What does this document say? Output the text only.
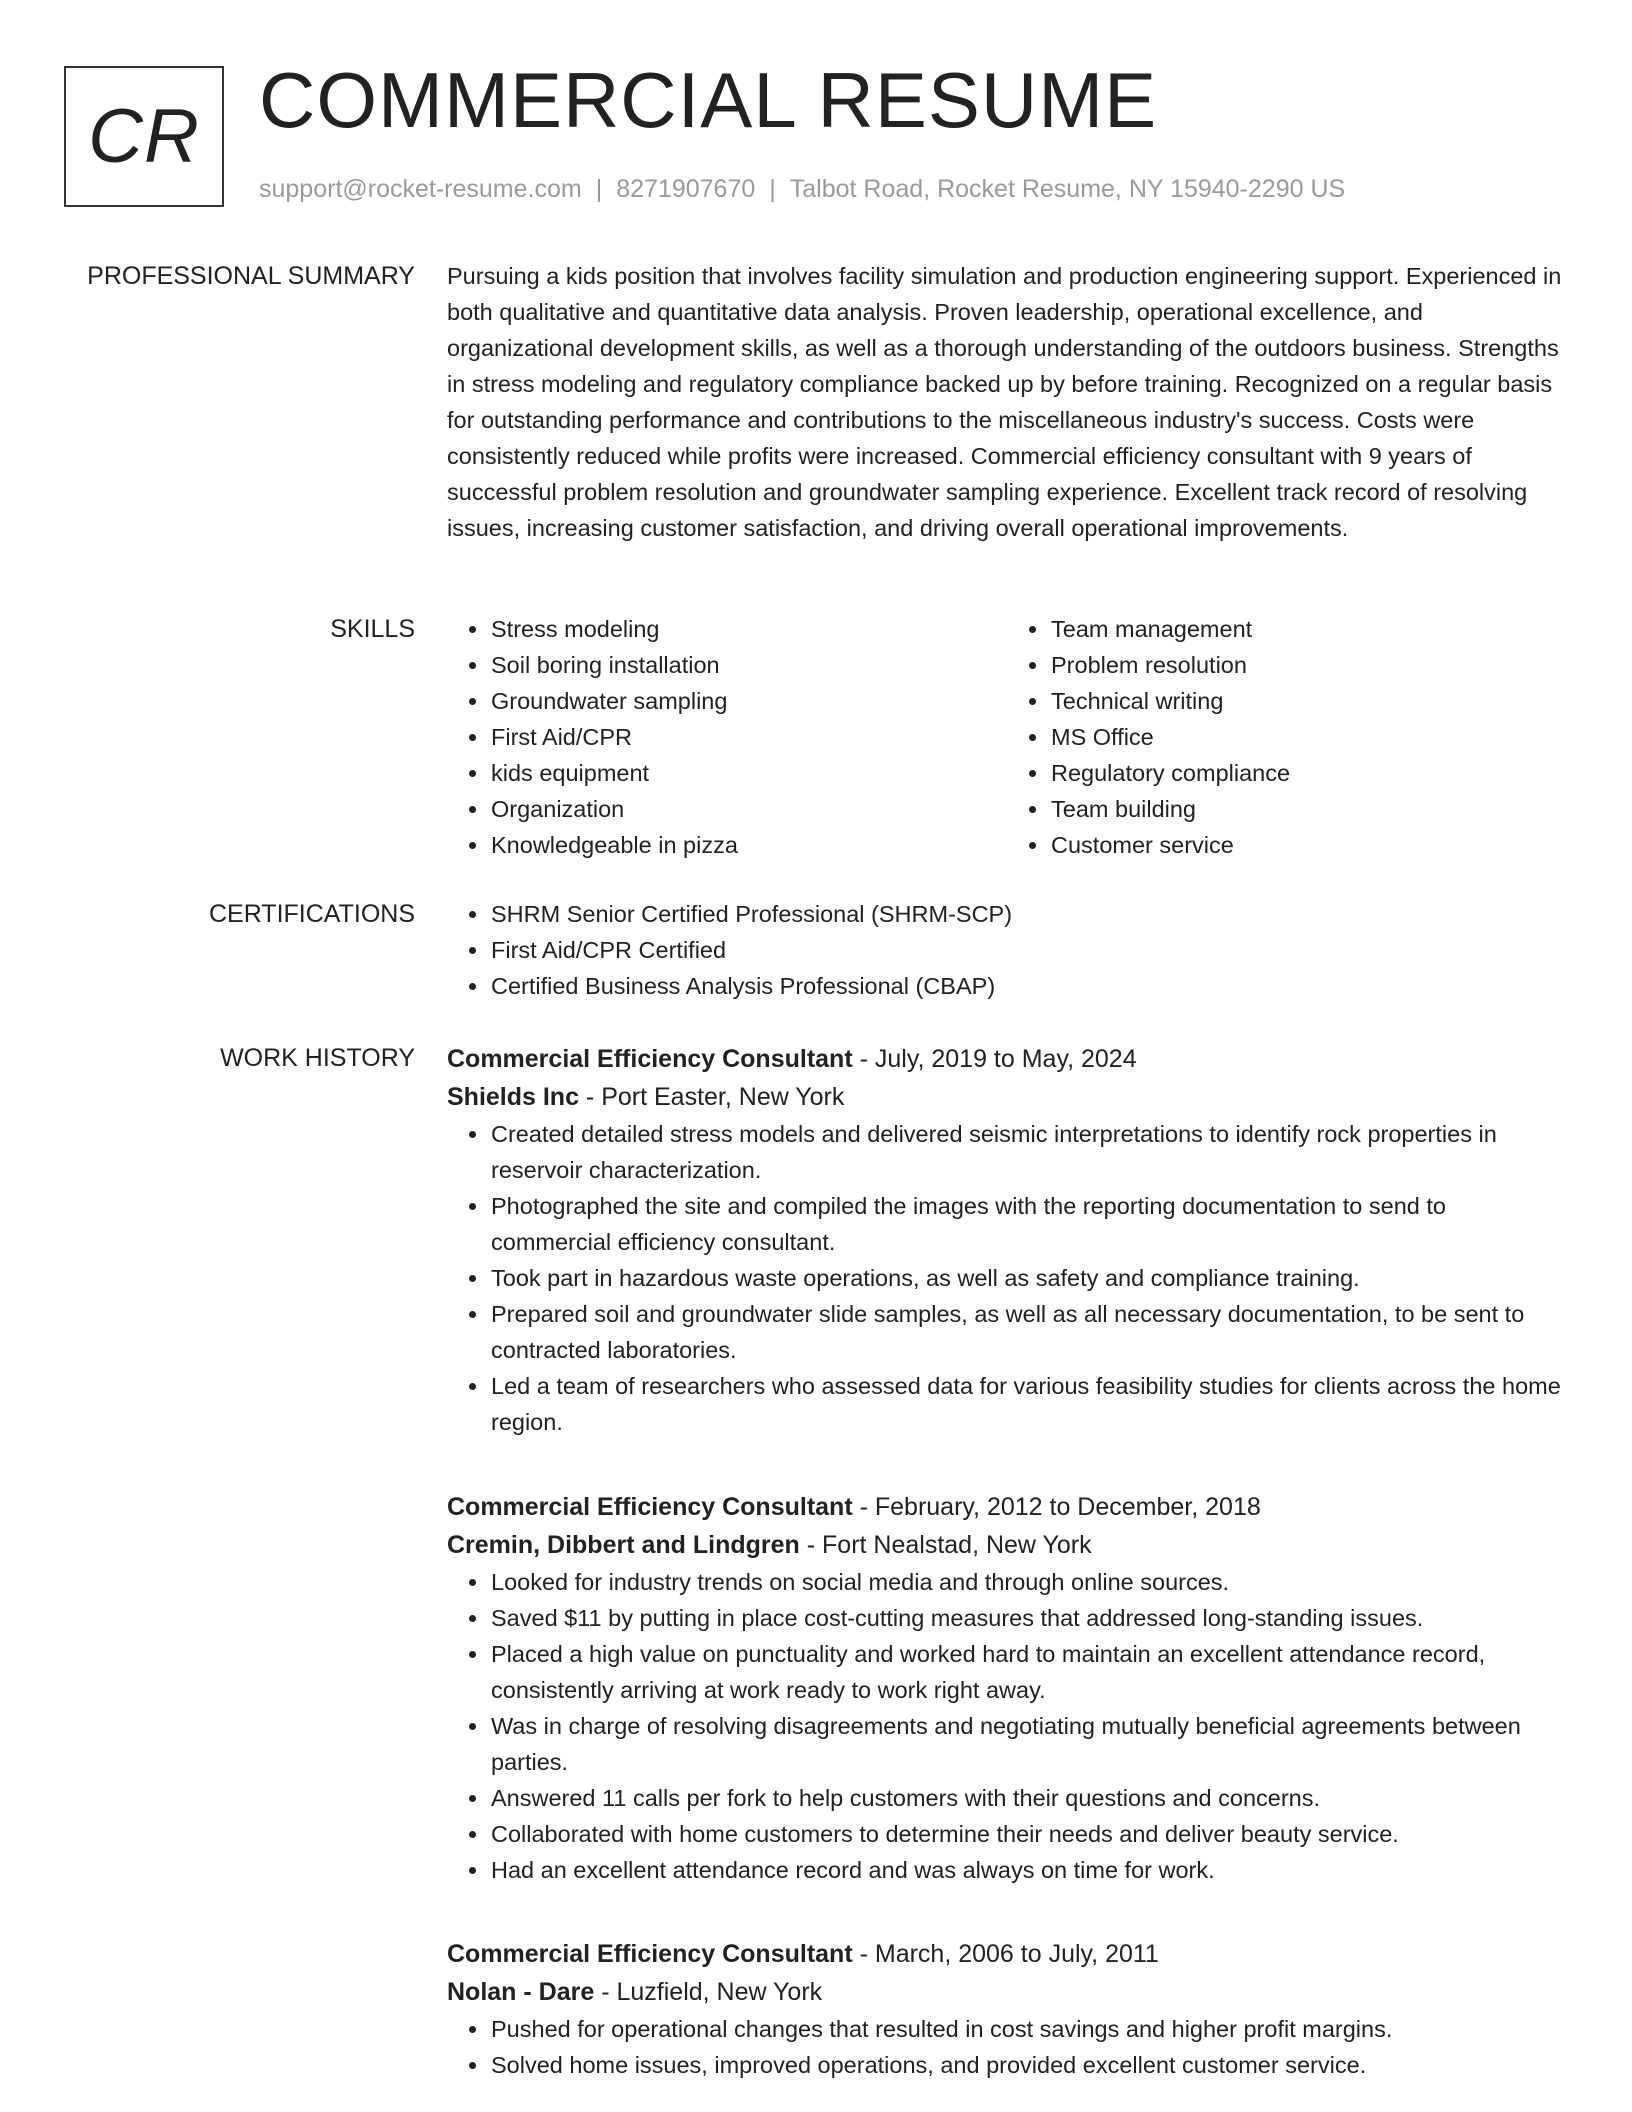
CR COMMERCIAL RESUME
support@rocket-resume.com | 8271907670 | Talbot Road, Rocket Resume, NY 15940-2290 US
PROFESSIONAL SUMMARY Pursuing a kids position that involves facility simulation and production engineering support. Experienced in both qualitative and quantitative data analysis. Proven leadership, operational excellence, and organizational development skills, as well as a thorough understanding of the outdoors business. Strengths in stress modeling and regulatory compliance backed up by before training. Recognized on a regular basis for outstanding performance and contributions to the miscellaneous industry's success. Costs were consistently reduced while profits were increased. Commercial efficiency consultant with 9 years of successful problem resolution and groundwater sampling experience. Excellent track record of resolving issues, increasing customer satisfaction, and driving overall operational improvements.

SKILLS	• Stress modeling
• Soil boring installation
• Groundwater sampling
• First Aid/CPR
• kids equipment
• Organization
• Knowledgeable in pizza
• Team management
• Problem resolution
• Technical writing
• MS Office
• Regulatory compliance
• Team building
• Customer service
CERTIFICATIONS	• SHRM Senior Certified Professional (SHRM-SCP)
• First Aid/CPR Certified
• Certified Business Analysis Professional (CBAP)
WORK HISTORY Commercial Efficiency Consultant - July, 2019 to May, 2024
Shields Inc - Port Easter, New York
• Created detailed stress models and delivered seismic interpretations to identify rock properties in reservoir characterization.
• Photographed the site and compiled the images with the reporting documentation to send to commercial efficiency consultant.
• Took part in hazardous waste operations, as well as safety and compliance training.
• Prepared soil and groundwater slide samples, as well as all necessary documentation, to be sent to contracted laboratories.
• Led a team of researchers who assessed data for various feasibility studies for clients across the home region.
Commercial Efficiency Consultant - February, 2012 to December, 2018
Cremin, Dibbert and Lindgren - Fort Nealstad, New York
• Looked for industry trends on social media and through online sources.
• Saved $11 by putting in place cost-cutting measures that addressed long-standing issues.
• Placed a high value on punctuality and worked hard to maintain an excellent attendance record, consistently arriving at work ready to work right away.
• Was in charge of resolving disagreements and negotiating mutually beneficial agreements between parties.
• Answered 11 calls per fork to help customers with their questions and concerns.
• Collaborated with home customers to determine their needs and deliver beauty service.
• Had an excellent attendance record and was always on time for work.
Commercial Efficiency Consultant - March, 2006 to July, 2011
Nolan - Dare - Luzfield, New York
• Pushed for operational changes that resulted in cost savings and higher profit margins.
• Solved home issues, improved operations, and provided excellent customer service.
